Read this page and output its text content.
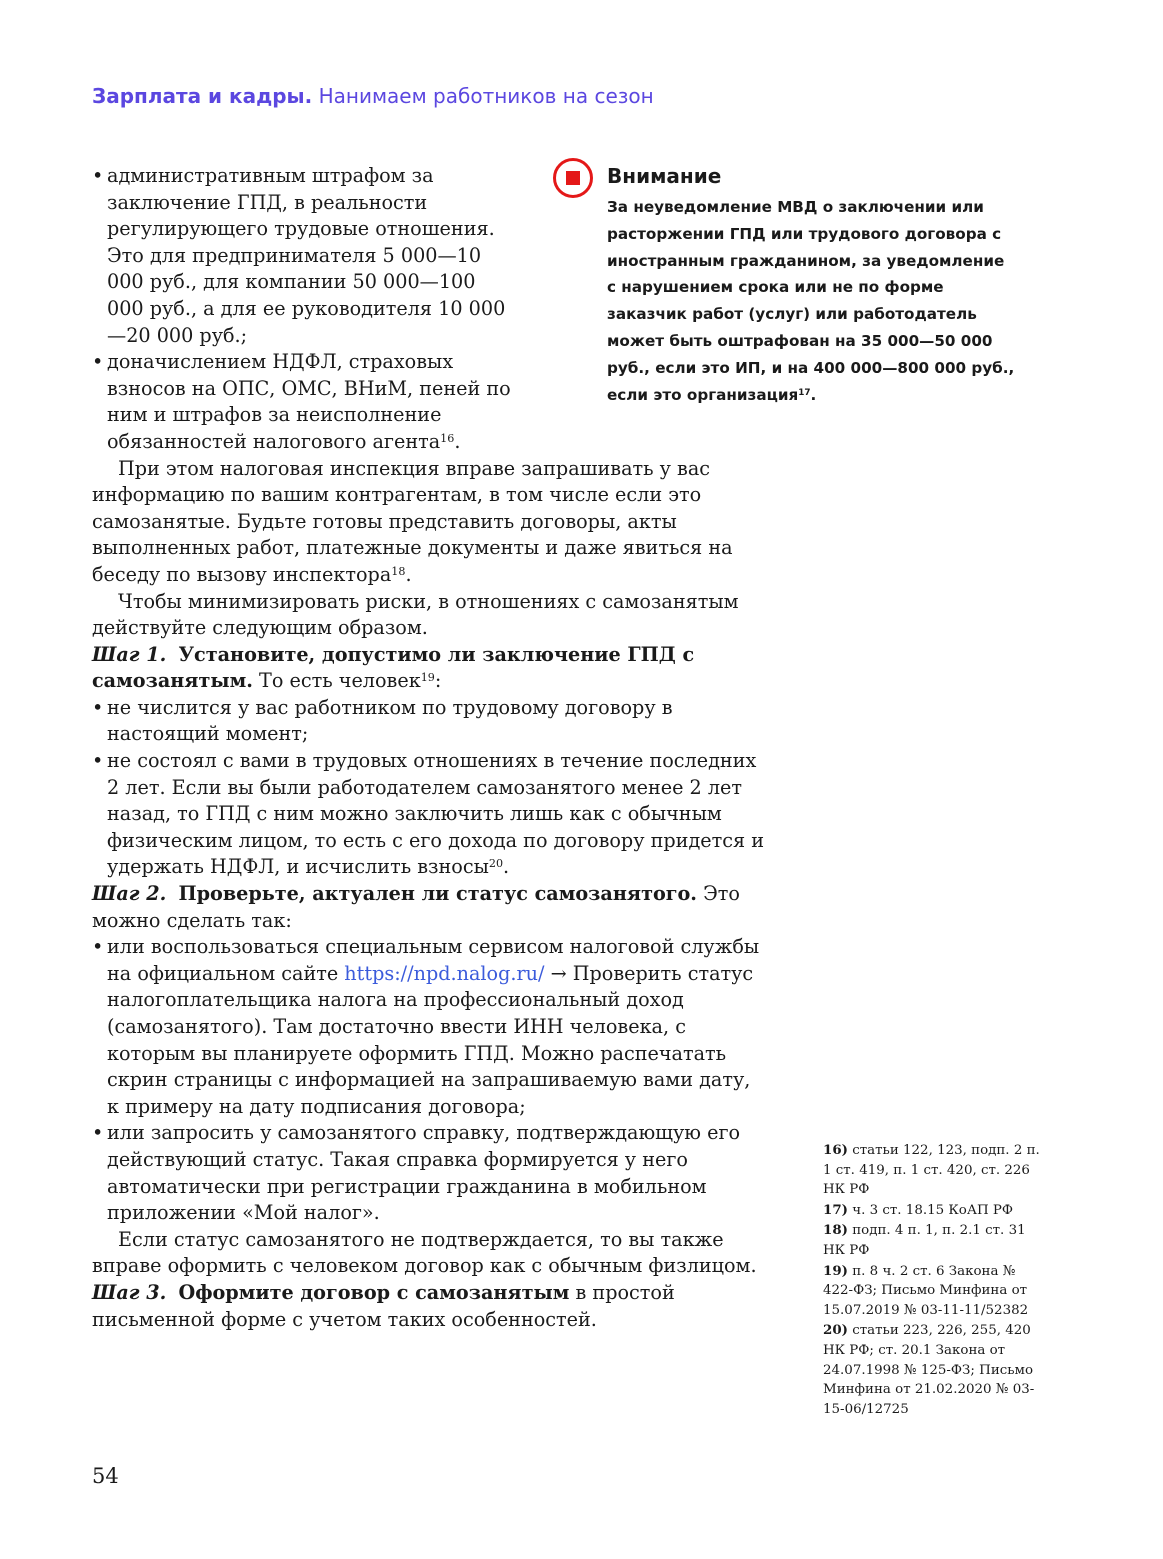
Зарплата и кадры. Нанимаем работников на сезон
Внимание
За неуведомление МВД о заключении или расторжении ГПД или трудового договора с иностранным гражданином, за уведомление с нарушением срока или не по форме заказчик работ (услуг) или работодатель может быть оштрафован на 35 000—50 000 руб., если это ИП, и на 400 000—800 000 руб., если это организация$^{17}$.
• административным штрафом за заключение ГПД, в реальности регулирующего трудовые отношения. Это для предпринимателя 5 000—10 000 руб., для компании 50 000—100 000 руб., а для ее руководителя 10 000—20 000 руб.;
• доначислением НДФЛ, страховых взносов на ОПС, ОМС, ВНиМ, пеней по ним и штрафов за неисполнение обязанностей налогового агента$^{16}$.

При этом налоговая инспекция вправе запрашивать у вас информацию по вашим контрагентам, в том числе если это самозанятые. Будьте готовы представить договоры, акты выполненных работ, платежные документы и даже явиться на беседу по вызову инспектора$^{18}$.

Чтобы минимизировать риски, в отношениях с самозанятым действуйте следующим образом.

Шаг 1. Установите, допустимо ли заключение ГПД с самозанятым. То есть человек$^{19}$:

• не числится у вас работником по трудовому договору в настоящий момент;
• не состоял с вами в трудовых отношениях в течение последних 2 лет. Если вы были работодателем самозанятого менее 2 лет назад, то ГПД с ним можно заключить лишь как с обычным физическим лицом, то есть с его дохода по договору придется и удержать НДФЛ, и исчислить взносы$^{20}$.

Шаг 2. Проверьте, актуален ли статус самозанятого. Это можно сделать так:

• или воспользоваться специальным сервисом налоговой службы на официальном сайте https://npd.nalog.ru/ → Проверить статус налогоплательщика налога на профессиональный доход (самозанятого). Там достаточно ввести ИНН человека, с которым вы планируете оформить ГПД. Можно распечатать скрин страницы с информацией на запрашиваемую вами дату, к примеру на дату подписания договора;
• или запросить у самозанятого справку, подтверждающую его действующий статус. Такая справка формируется у него автоматически при регистрации гражданина в мобильном приложении «Мой налог».

Если статус самозанятого не подтверждается, то вы также вправе оформить с человеком договор как с обычным физлицом.

Шаг 3. Оформите договор с самозанятым в простой письменной форме с учетом таких особенностей.

16) статьи 122, 123, подп. 2 п. 1 ст. 419, п. 1 ст. 420, ст. 226 НК РФ

17) ч. 3 ст. 18.15 КоАП РФ

18) подп. 4 п. 1, п. 2.1 ст. 31 НК РФ

19) п. 8 ч. 2 ст. 6 Закона № 422-ФЗ; Письмо Минфина от 15.07.2019 № 03-11-11/52382

20) статьи 223, 226, 255, 420 НК РФ; ст. 20.1 Закона от 24.07.1998 № 125-ФЗ; Письмо Минфина от 21.02.2020 № 03-15-06/12725

54
